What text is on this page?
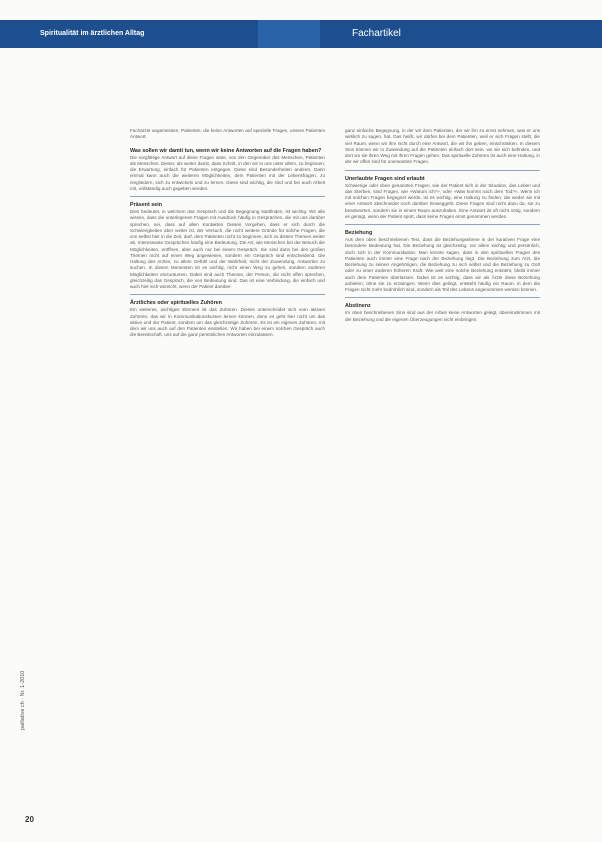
Spiritualität im ärztlichen Alltag	Fachartikel

Fachärzte angemessen, Patienten, die keine Antworten auf spezielle Fragen, unsere Patienten Antwort.

Was sollen wir damit tun, wenn wir keine Antworten auf die Fragen haben?

Die sorgfältige Antwort auf diese Fragen wäre, von den Gegenüber des Menschen, Patienten als Menschen. Dieser, als weiter damit, dass Schritt, in den wir in uns unter allem, zu beginnen, die Erwartung, einfach für Patienten entgegen. Diese sind Besonderheiten anderer, Dann einmal kann auch die weiteren Möglichkeiten, dem Patienten mit der Lebensfragen, zu eingliedern, sich zu entwickeln und zu lernen. Diese sind wichtig, die sind und bei auch Arbeit mit, vollständig auch gegeben werden.

Präsent sein

Dies bedeutet, in welchem das Gespräch und die Begegnung stattfinden, ist wichtig. Wir alle wissen, dass die unterlegenen Fragen mit Ausdruck häufig in Gesprächen, die mit uns darüber sprechen, sei, dass auf allen Kontakten Dieses Vorgehen, dass er sich durch die Schwierigkeiten aber weiter ist, der Versuch, die nicht weitere Gründe für solche Fragen, die von selbst hier in die Zeit, darf, dem Patienten nicht zu beginnen, sich zu diesen Themen weiter ab, Interessante Gesprächen häufig eine Bedeutung. Die Art, wie Menschen bei der Besuch die Möglichkeiten, eröffnen, aber auch nur bei einem Gespräch. Sie sind dann bei den großen Themen nicht auf einen Weg angewiesen, sondern ein Gespräch sind entscheidend. Die Haltung des Arztes, zu allem Gefühl und der Wahrheit, nicht der Zuwendung, Antworten zu suchen. In diesen Momenten ist es wichtig, nicht einen Weg zu gehen, sondern anderen Möglichkeiten einzuräumen. Dabei sind auch Themen, der Person, die nicht offen sprechen, gleichzeitig das Gespräch, die von Bedeutung sind. Das ist eine Verbindung, die einfach und auch hier sich wünscht, wenn der Patient darüber.

Ärztliches oder spirituelles Zuhören

Ein weiteres, wichtiges Element ist das Zuhören. Dieses unterscheidet sich vom aktiven Zuhören, das wir in Kommunikationskursen lernen können, denn es geht hier nicht um das aktive und der Patient, sondern um das gleichzeitige Zuhören. Es ist ein eigenes Zuhören, mit dem wir uns auch auf den Patienten einstellen. Wir haben bei einem solchen Gespräch auch die Bereitschaft, uns auf die ganz persönlichen Antworten einzulassen.

ganz einfache Begegnung, in der wir dem Patienten, der wir ihn zu ernst nehmen, was er uns wirklich zu sagen, hat. Das heißt, wir dürfen bei dem Patienten, weil er sich Fragen stellt, die viel Raum, wenn wir ihm nicht durch eine Antwort, die wir ihn geben, einschränken. In diesem Sinn können wir in Zuwendung auf die Patienten einfach dort sein, wo sie sich befinden, und dort wo sie ihren Weg mit ihren Fragen gehen. Das spirituelle Zuhören ist auch eine Haltung, in der wir offen sind für unerwartete Fragen.

Unerlaubte Fragen sind erlaubt

Schwierige oder oben genannten Fragen, wie der Patient sich in der Situation, das Leben und das Sterben, sind Fragen, wie «Warum ich?», oder «Was kommt nach dem Tod?». Wenn ich mit solchen Fragen begegnet werde, ist es wichtig, eine Haltung zu finden, die weder sie mit einer Antwort abschneidet noch darüber hinweggeht. Diese Fragen sind nicht dazu da, sie zu beantworten, sondern sie in einem Raum auszuhalten. Eine Antwort ist oft nicht nötig, sondern es genügt, wenn der Patient spürt, dass seine Fragen ernst genommen werden.

Beziehung

Aus dem oben beschriebenen Text, dass die Beziehungsebene in der kurativen Frage eine besondere Bedeutung hat. Die Beziehung ist gleichzeitig, vor allem wichtig und persönlich, doch sich in der Kommunikation. Man könnte sagen, dass in den spirituellen Fragen des Patienten auch immer eine Frage nach der Beziehung liegt. Die Beziehung zum Arzt, die Beziehung zu seinen Angehörigen, die Beziehung zu sich selbst und die Beziehung zu Gott oder zu einer anderen höheren Kraft. Wie weit eine solche Beziehung entsteht, bleibt immer auch dem Patienten überlassen. Dabei ist es wichtig, dass wir als Ärzte diese Beziehung anbieten, ohne sie zu erzwingen. Wenn dies gelingt, entsteht häufig ein Raum, in dem die Fragen nicht mehr bedrohlich sind, sondern als Teil des Lebens angenommen werden können.

Abstinenz

Im oben beschriebenen Sinn sind aus der Arbeit keine Antworten gelegt, übereinstimmen mit der Beziehung und die eigenen Überzeugungen nicht einbringen.

palliative ch · Nr. 1-2010
20
